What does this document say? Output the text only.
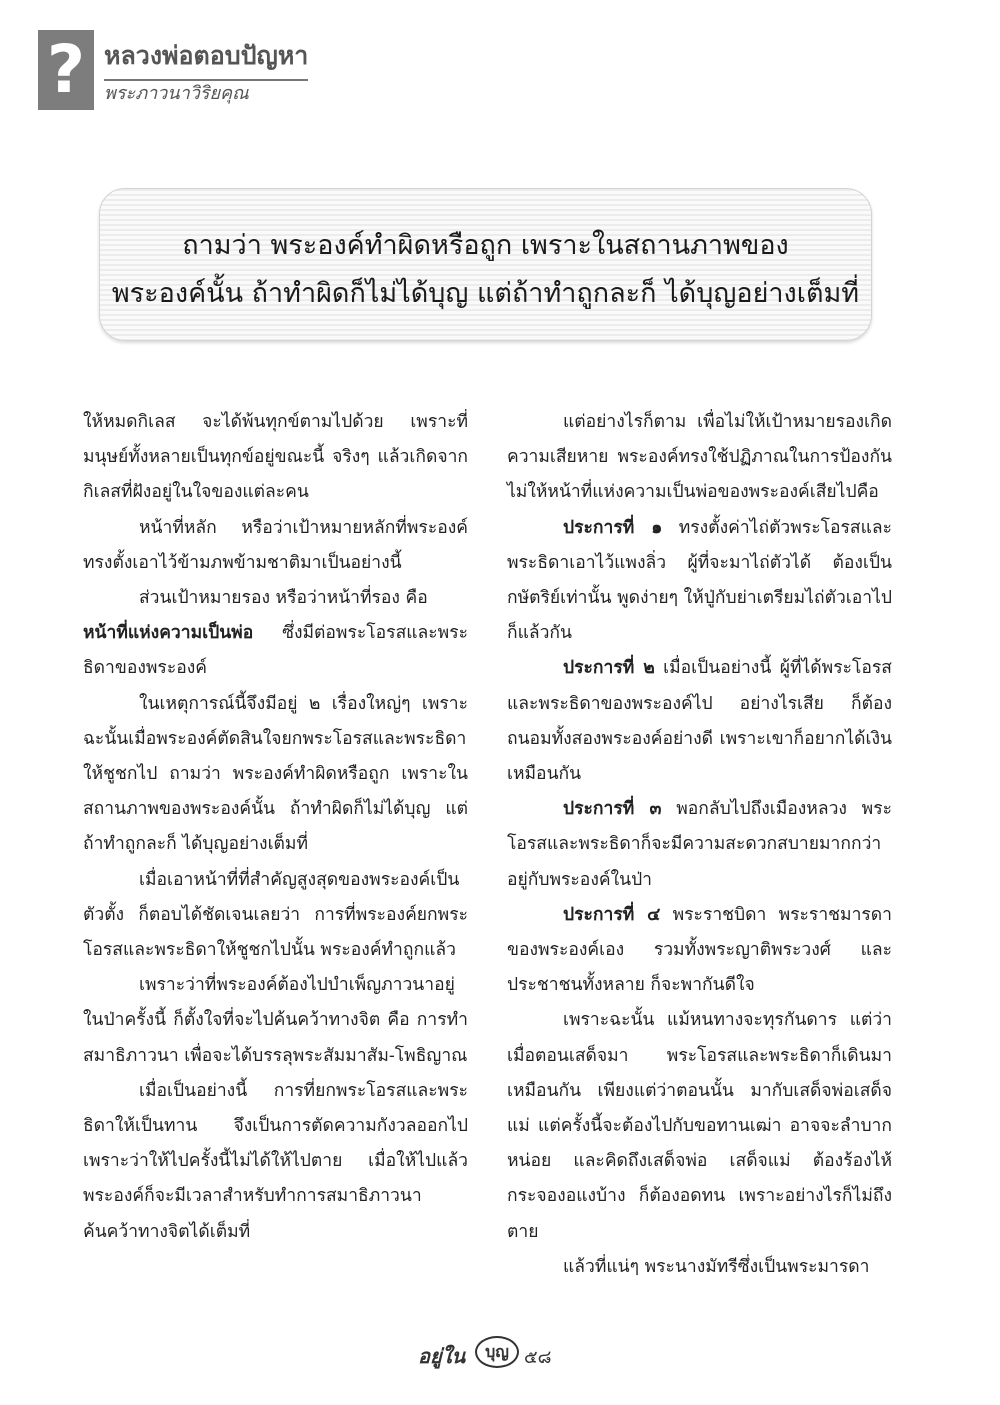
? หลวงพ่อตอบปัญหา
พระภาวนาวิริยคุณ
ถามว่า พระองค์ทำผิดหรือถูก เพราะในสถานภาพของ
พระองค์นั้น ถ้าทำผิดก็ไม่ได้บุญ แต่ถ้าทำถูกละก็ ได้บุญอย่างเต็มที่

ให้หมดกิเลส จะได้พ้นทุกข์ตามไปด้วย เพราะที่มนุษย์ทั้งหลายเป็นทุกข์อยู่ขณะนี้ จริงๆ แล้วเกิดจากกิเลสที่ฝังอยู่ในใจของแต่ละคน

หน้าที่หลัก หรือว่าเป้าหมายหลักที่พระองค์ทรงตั้งเอาไว้ข้ามภพข้ามชาติมาเป็นอย่างนี้

ส่วนเป้าหมายรอง หรือว่าหน้าที่รอง คือ
หน้าที่แห่งความเป็นพ่อ ซึ่งมีต่อพระโอรสและพระธิดาของพระองค์

ในเหตุการณ์นี้จึงมีอยู่ ๒ เรื่องใหญ่ๆ เพราะฉะนั้นเมื่อพระองค์ตัดสินใจยกพระโอรสและพระธิดาให้ชูชกไป ถามว่า พระองค์ทำผิดหรือถูก เพราะในสถานภาพของพระองค์นั้น ถ้าทำผิดก็ไม่ได้บุญ แต่ถ้าทำถูกละก็ ได้บุญอย่างเต็มที่

เมื่อเอาหน้าที่ที่สำคัญสูงสุดของพระองค์เป็นตัวตั้ง ก็ตอบได้ชัดเจนเลยว่า การที่พระองค์ยกพระโอรสและพระธิดาให้ชูชกไปนั้น พระองค์ทำถูกแล้ว

เพราะว่าที่พระองค์ต้องไปบำเพ็ญภาวนาอยู่ในป่าครั้งนี้ ก็ตั้งใจที่จะไปค้นคว้าทางจิต คือ การทำสมาธิภาวนา เพื่อจะได้บรรลุพระสัมมาสัม-โพธิญาณ

เมื่อเป็นอย่างนี้ การที่ยกพระโอรสและพระธิดาให้เป็นทาน จึงเป็นการตัดความกังวลออกไป เพราะว่าให้ไปครั้งนี้ไม่ได้ให้ไปตาย เมื่อให้ไปแล้ว พระองค์ก็จะมีเวลาสำหรับทำการสมาธิภาวนาค้นคว้าทางจิตได้เต็มที่

แต่อย่างไรก็ตาม เพื่อไม่ให้เป้าหมายรองเกิดความเสียหาย พระองค์ทรงใช้ปฏิภาณในการป้องกันไม่ให้หน้าที่แห่งความเป็นพ่อของพระองค์เสียไปคือ

ประการที่ ๑ ทรงตั้งค่าไถ่ตัวพระโอรสและพระธิดาเอาไว้แพงลิ่ว ผู้ที่จะมาไถ่ตัวได้ ต้องเป็นกษัตริย์เท่านั้น พูดง่ายๆ ให้ปู่กับย่าเตรียมไถ่ตัวเอาไปก็แล้วกัน

ประการที่ ๒ เมื่อเป็นอย่างนี้ ผู้ที่ได้พระโอรสและพระธิดาของพระองค์ไป อย่างไรเสีย ก็ต้องถนอมทั้งสองพระองค์อย่างดี เพราะเขาก็อยากได้เงินเหมือนกัน

ประการที่ ๓ พอกลับไปถึงเมืองหลวง พระโอรสและพระธิดาก็จะมีความสะดวกสบายมากกว่าอยู่กับพระองค์ในป่า

ประการที่ ๔ พระราชบิดา พระราชมารดาของพระองค์เอง รวมทั้งพระญาติพระวงศ์ และประชาชนทั้งหลาย ก็จะพากันดีใจ

เพราะฉะนั้น แม้หนทางจะทุรกันดาร แต่ว่าเมื่อตอนเสด็จมา พระโอรสและพระธิดาก็เดินมาเหมือนกัน เพียงแต่ว่าตอนนั้น มากับเสด็จพ่อเสด็จแม่ แต่ครั้งนี้จะต้องไปกับขอทานเฒ่า อาจจะลำบากหน่อย และคิดถึงเสด็จพ่อ เสด็จแม่ ต้องร้องไห้กระจองอแงบ้าง ก็ต้องอดทน เพราะอย่างไรก็ไม่ถึงตาย

แล้วที่แน่ๆ พระนางมัทรีซึ่งเป็นพระมารดา

อยู่ใน	บุญ ๕๘
